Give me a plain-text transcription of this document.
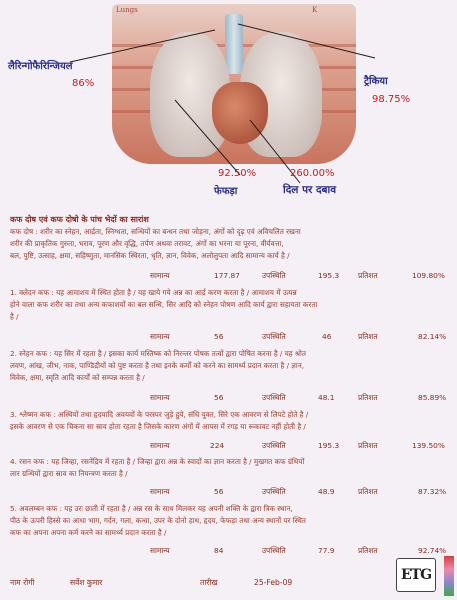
Lungs	K
लैरिन्गोफैरिन्जियल
86%	ट्रैकिया
98.75%
92.50%
फेफड़ा
260.00%
दिल पर दबाव
कफ दोष एवं कफ दोषो के पांच भेदों का सारांश
कफ दोष : शरीर का स्नेहन, आर्द्रता, स्निग्धता, सन्धियों का बन्धन तथा जोड़ना, अंगों को दृढ़ एवं अविचलित रखना
शरीर की प्राकृतिक गुरुता, भराव, पूरण और वृद्धि, तर्पण अथवा तरावट, अंगों का भरना या पूरना, वीर्यवत्ता,
बल, पुष्टि, उत्साह, क्षमा, सहिष्णुता, मानसिक स्थिरता, धृति, ज्ञान, विवेक, अलोलुपता आदि सामान्य कार्य है /
सामान्य	177.87	उपस्थिति	195.3	प्रतिशत	109.80%
1. क्लेदन कफ : यह आमाशय में स्थित होता है / यह खाये गये अन्न का आर्द्र करण करता है / आमाशय में उत्पन्न
होने वाला कफ शरीर का तथा अन्य कफाशयों का बल सन्धि, सिर आदि को स्नेहन पोषण आदि कार्य द्वारा सहायता करता
है /
सामान्य	56	उपस्थिति	46	प्रतिशत	82.14%
2. स्नेहन कफ : यह सिर में रहता है / इसका कार्य मस्तिष्क को निरन्तर पोषक तत्वों द्वारा पोषित करना है / यह श्रोत
लवण, आंख, जीभ, नाक, पाण्डिद्रीयों को पुष्ट करता है तथा इनके कर्मों को करने का सामर्थ्य प्रदान करता है / ज्ञान,
विवेक, क्षमा, स्मृति आदि कार्यों को सम्पन्न करता है /
सामान्य	56	उपस्थिति	48.1	प्रतिशत	85.89%
3. श्लेष्मन कफ : अस्थियों तथा हृदयादि अवयवों के परस्पर जुड़े हुये, संधि युक्त, सिरे एक आवरण से लिपटे होते है /
इसके आवरण से एक चिकना सा स्राव होता रहता है जिसके कारण अंगों में आपस में रगड़ या रूकावट नहीं होती है /
सामान्य	224	उपस्थिति	195.3	प्रतिशत	139.50%
4. रसन कफ : यह जिव्हा, रसनेंद्रिय में रहता है / जिव्हा द्वारा अन्न के स्वादों का ज्ञान करता है / मुखगत कफ ग्रंथियों
लार ग्रन्थियों द्वारा स्राव का नियन्त्रण करता है /
सामान्य	56	उपस्थिति	48.9	प्रतिशत	87.32%
5. अवलम्बन कफ : यह उरः छाती में रहता है / अन्न रस के साथ मिलकर यह अपनी शक्ति के द्वारा त्रिक स्थान,
पीठ के ऊपरी हिस्से का आधा भाग, गर्दन, गला, कन्धा, उपर के दोनो हाथ, हृदय, फेफड़ा तथा अन्य स्थानों पर स्थित
कफ का अपना अपना कर्म करने का सामर्थ्य प्रदान करता है /
सामान्य	84	उपस्थिति	77.9	प्रतिशत	92.74%
नाम रोगी	सर्वेश कुमार	तारीख	25-Feb-09	ETG
